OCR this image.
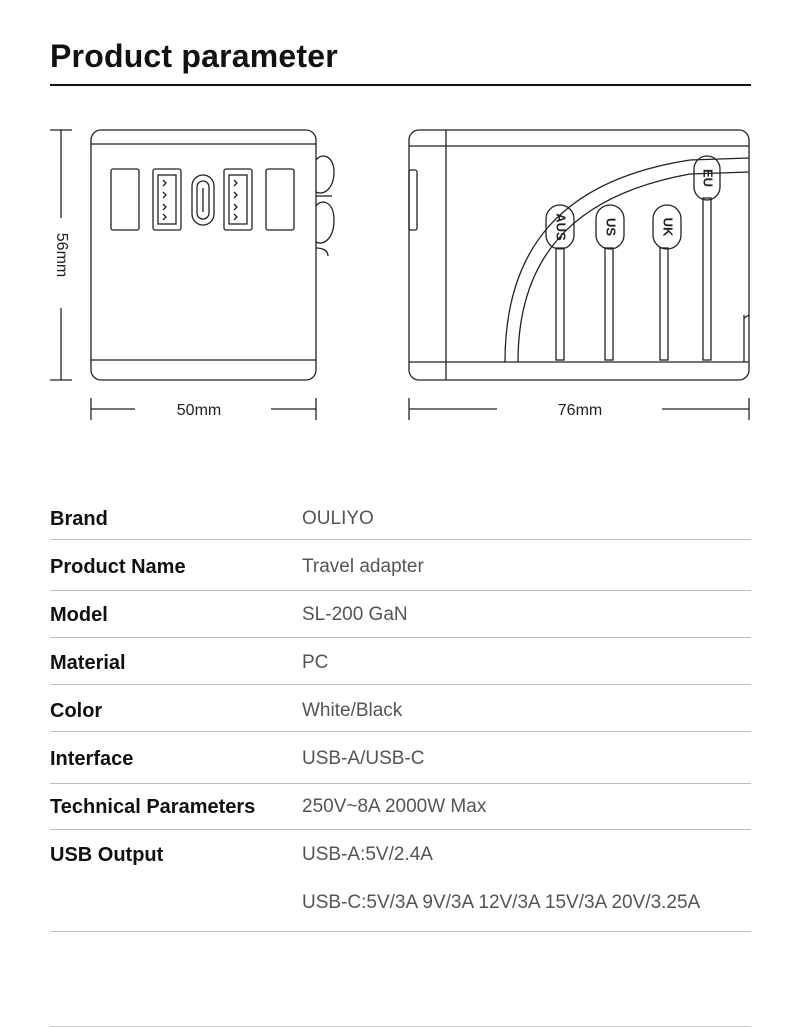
Product parameter
AUS	US	UK
EU
56mm
50mm	76mm
Brand	OULIYO
Product Name	Travel adapter
Model	SL-200 GaN
Material	PC
Color	White/Black
Interface	USB-A/USB-C
Technical Parameters 250V~8A 2000W Max
USB Output	USB-A:5V/2.4A
USB-C:5V/3A 9V/3A 12V/3A 15V/3A 20V/3.25A
